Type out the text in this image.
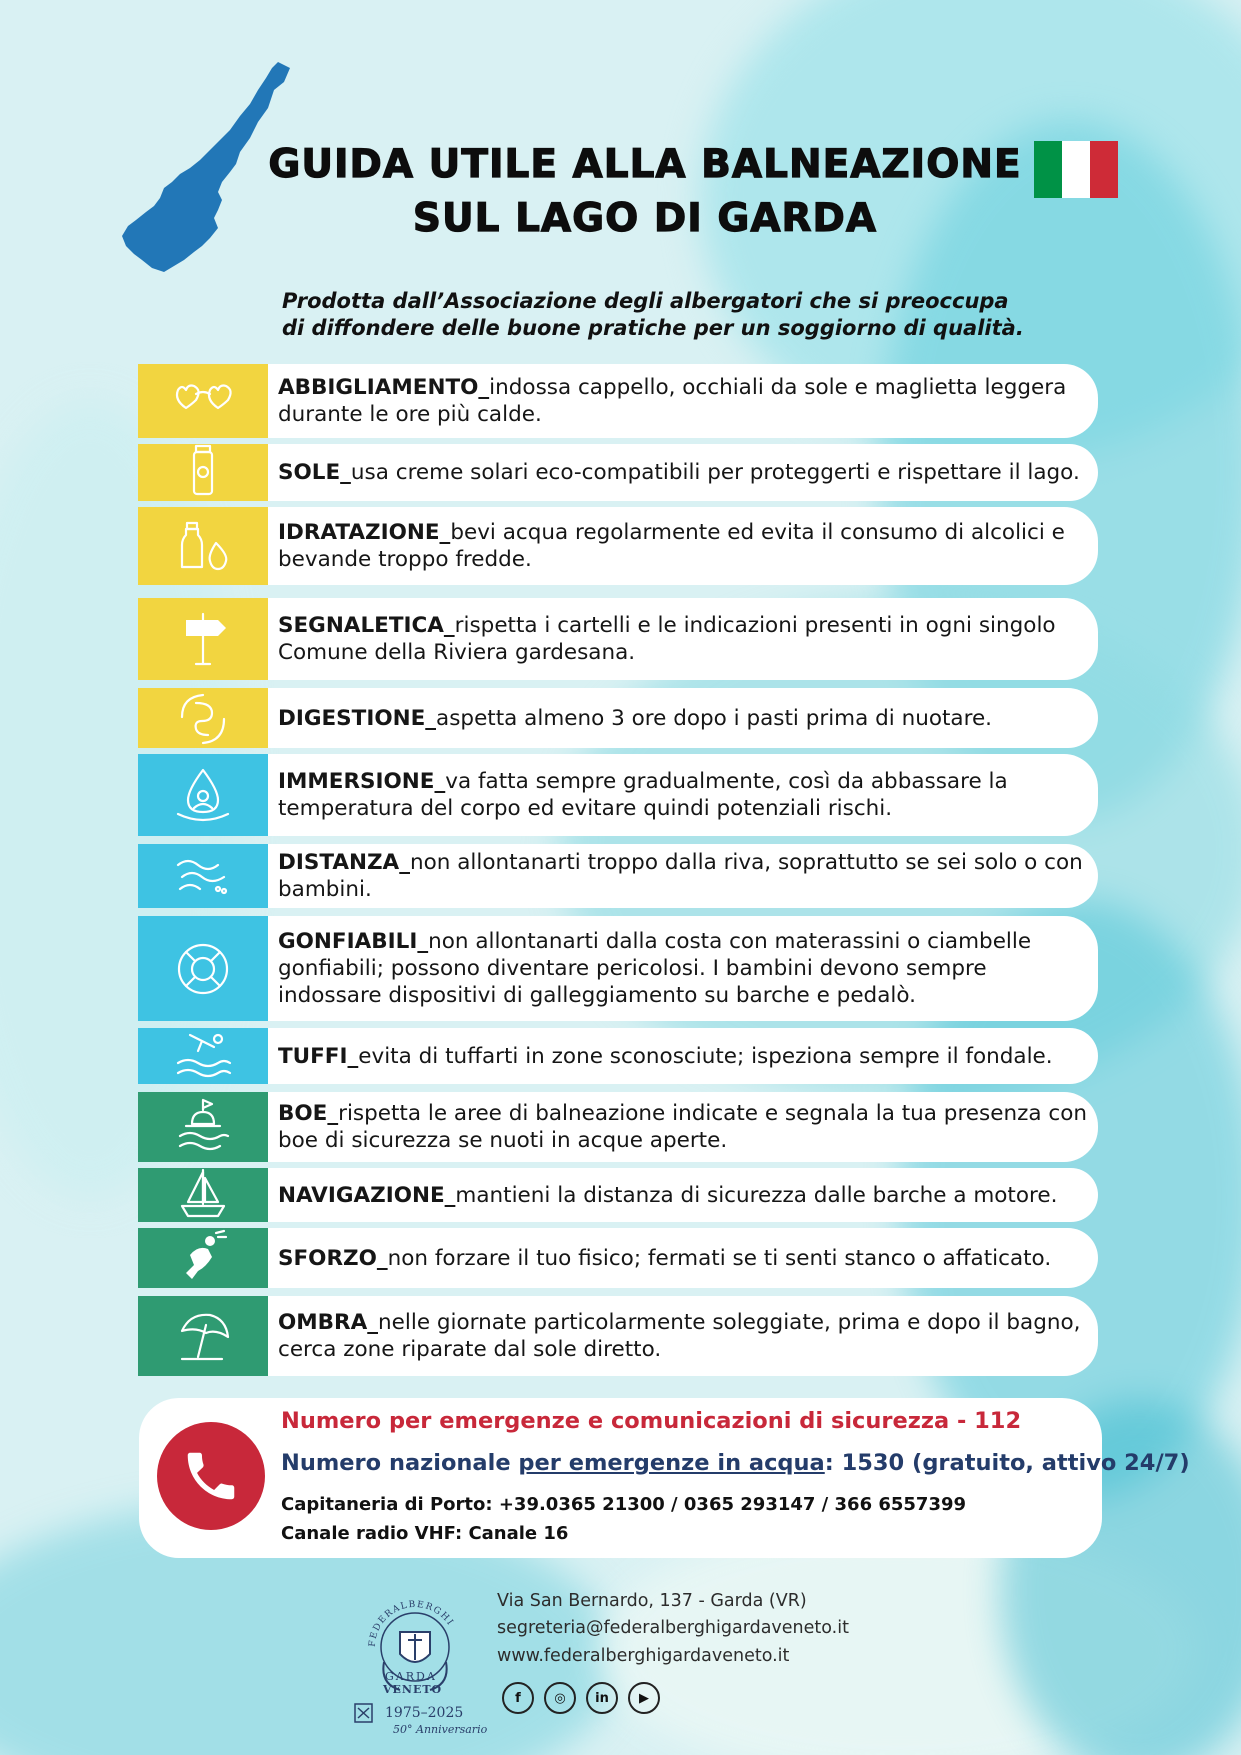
GUIDA UTILE ALLA BALNEAZIONE
SUL LAGO DI GARDA
Prodotta dall’Associazione degli albergatori che si preoccupa
di diffondere delle buone pratiche per un soggiorno di qualità.
ABBIGLIAMENTO_indossa cappello, occhiali da sole e maglietta leggera durante le ore più calde.
SOLE_usa creme solari eco-compatibili per proteggerti e rispettare il lago.
IDRATAZIONE_bevi acqua regolarmente ed evita il consumo di alcolici e bevande troppo fredde.
SEGNALETICA_rispetta i cartelli e le indicazioni presenti in ogni singolo Comune della Riviera gardesana.
DIGESTIONE_aspetta almeno 3 ore dopo i pasti prima di nuotare.
IMMERSIONE_va fatta sempre gradualmente, così da abbassare la temperatura del corpo ed evitare quindi potenziali rischi.
DISTANZA_non allontanarti troppo dalla riva, soprattutto se sei solo o con bambini.
GONFIABILI_non allontanarti dalla costa con materassini o ciambelle gonfiabili; possono diventare pericolosi. I bambini devono sempre indossare dispositivi di galleggiamento su barche e pedalò.
TUFFI_evita di tuffarti in zone sconosciute; ispeziona sempre il fondale.
BOE_rispetta le aree di balneazione indicate e segnala la tua presenza con boe di sicurezza se nuoti in acque aperte.
NAVIGAZIONE_mantieni la distanza di sicurezza dalle barche a motore.
SFORZO_non forzare il tuo fisico; fermati se ti senti stanco o affaticato.
OMBRA_nelle giornate particolarmente soleggiate, prima e dopo il bagno, cerca zone riparate dal sole diretto.
Numero per emergenze e comunicazioni di sicurezza - 112
Numero nazionale per emergenze in acqua: 1530 (gratuito, attivo 24/7)
Capitaneria di Porto: +39.0365 21300 / 0365 293147 / 366 6557399
Canale radio VHF: Canale 16
FEDERALBERGHI
GARDA
VENETO
1975–2025
50° Anniversario
Via San Bernardo, 137 - Garda (VR)
segreteria@federalberghigardaveneto.it
www.federalberghigardaveneto.it
f	◎	in	▶
